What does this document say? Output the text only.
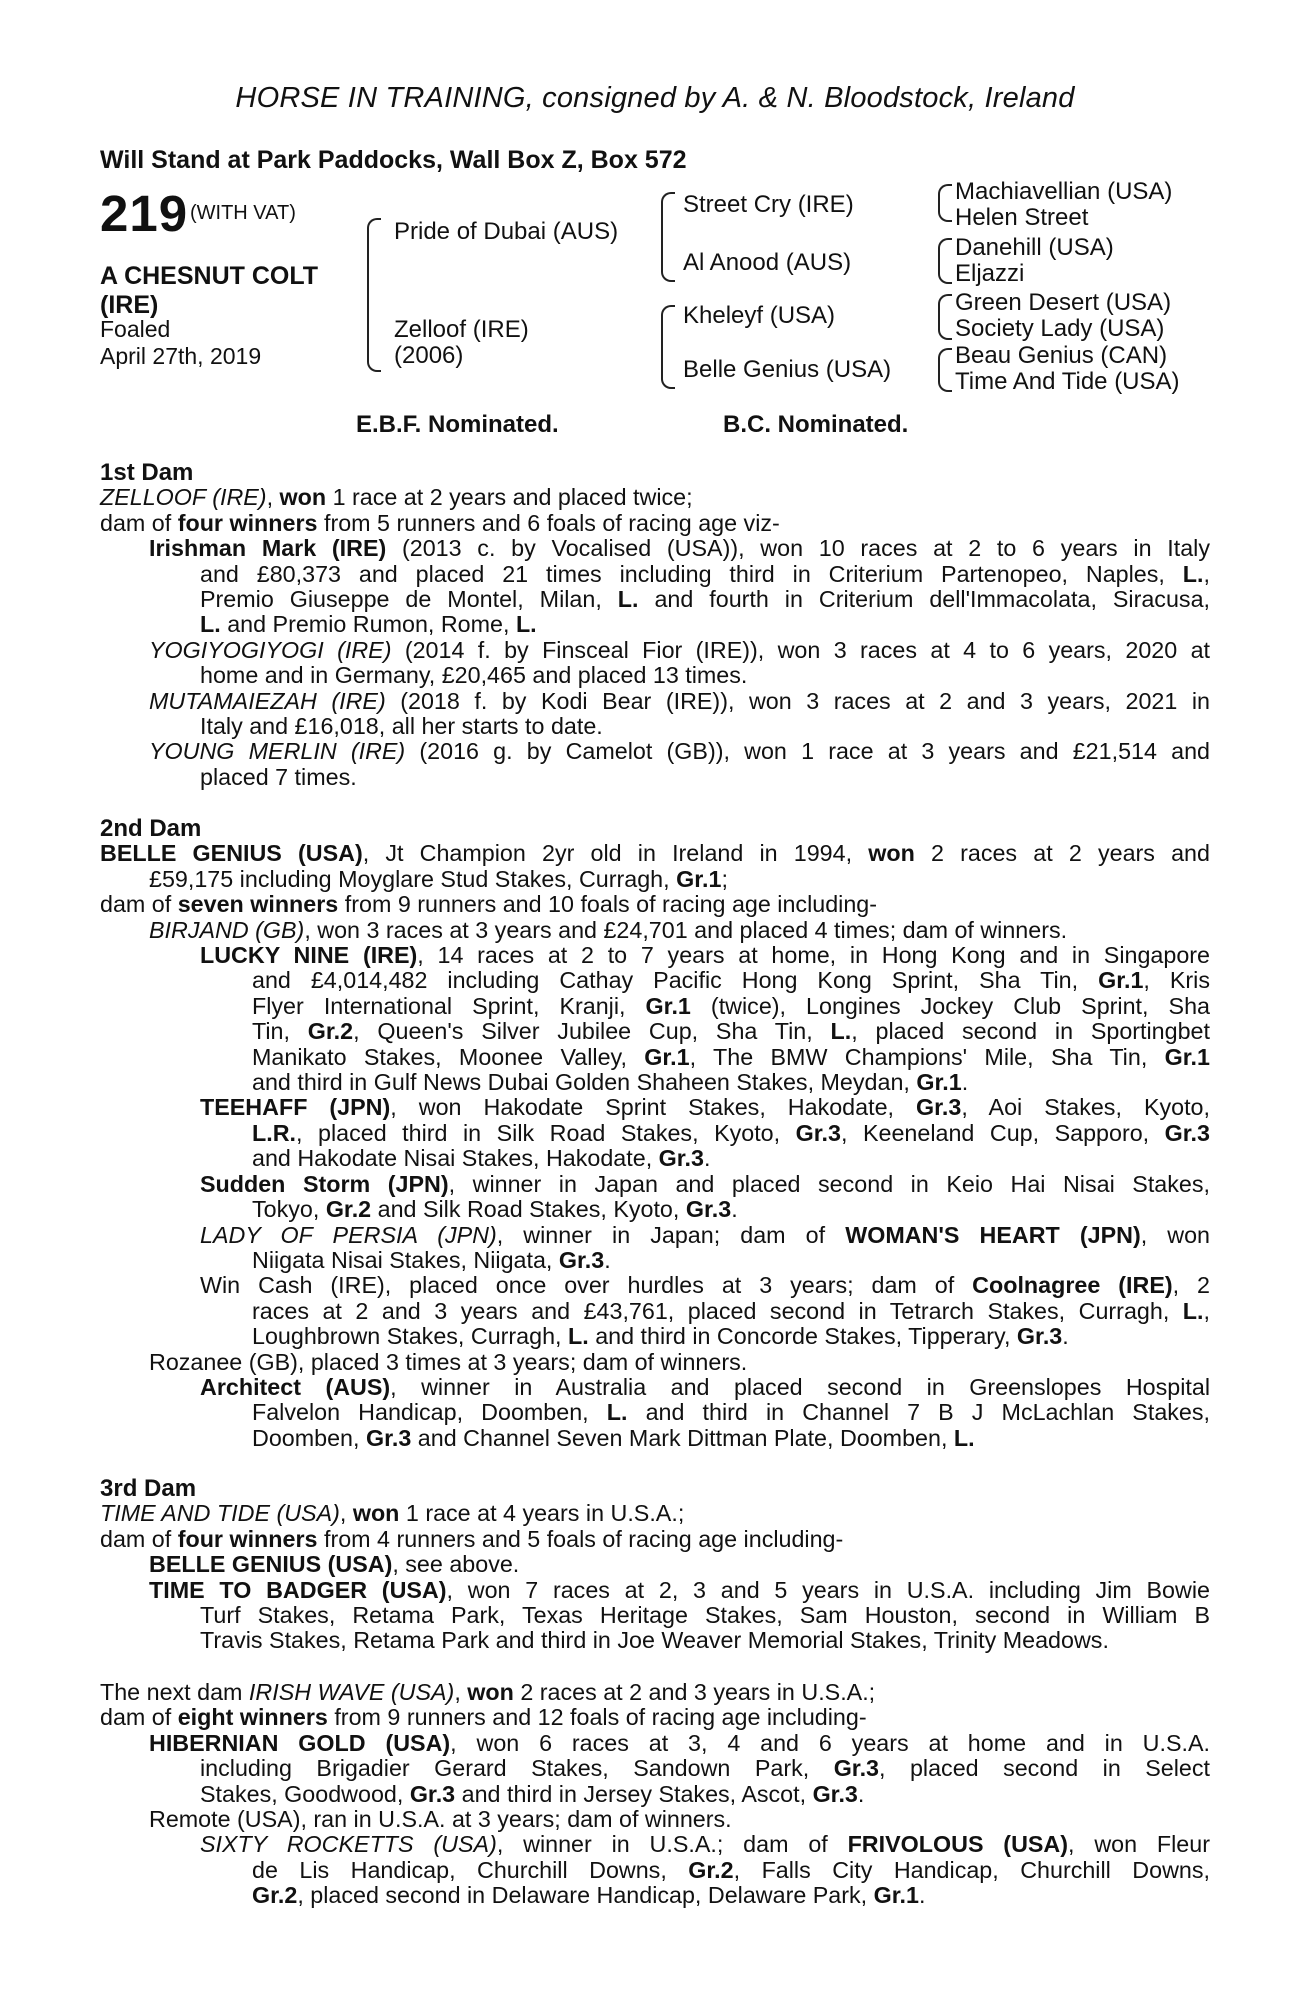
HORSE IN TRAINING, consigned by A. & N. Bloodstock, Ireland
Will Stand at Park Paddocks, Wall Box Z, Box 572
219 (WITH VAT)
A CHESNUT COLT
(IRE)
Foaled
April 27th, 2019
Pride of Dubai (AUS)
Zelloof (IRE)
(2006)
Street Cry (IRE)
Al Anood (AUS)
Kheleyf (USA)
Belle Genius (USA)
Machiavellian (USA)
Helen Street
Danehill (USA)
Eljazzi
Green Desert (USA)
Society Lady (USA)
Beau Genius (CAN)
Time And Tide (USA)
E.B.F. Nominated.	B.C. Nominated.
1st Dam
ZELLOOF (IRE), won 1 race at 2 years and placed twice;
dam of four winners from 5 runners and 6 foals of racing age viz-
Irishman Mark (IRE) (2013 c. by Vocalised (USA)), won 10 races at 2 to 6 years in Italy
and £80,373 and placed 21 times including third in Criterium Partenopeo, Naples, L.,
Premio Giuseppe de Montel, Milan, L. and fourth in Criterium dell'Immacolata, Siracusa,
L. and Premio Rumon, Rome, L.
YOGIYOGIYOGI (IRE) (2014 f. by Finsceal Fior (IRE)), won 3 races at 4 to 6 years, 2020 at
home and in Germany, £20,465 and placed 13 times.
MUTAMAIEZAH (IRE) (2018 f. by Kodi Bear (IRE)), won 3 races at 2 and 3 years, 2021 in
Italy and £16,018, all her starts to date.
YOUNG MERLIN (IRE) (2016 g. by Camelot (GB)), won 1 race at 3 years and £21,514 and
placed 7 times.
2nd Dam
BELLE GENIUS (USA), Jt Champion 2yr old in Ireland in 1994, won 2 races at 2 years and
£59,175 including Moyglare Stud Stakes, Curragh, Gr.1;
dam of seven winners from 9 runners and 10 foals of racing age including-
BIRJAND (GB), won 3 races at 3 years and £24,701 and placed 4 times; dam of winners.
LUCKY NINE (IRE), 14 races at 2 to 7 years at home, in Hong Kong and in Singapore
and £4,014,482 including Cathay Pacific Hong Kong Sprint, Sha Tin, Gr.1, Kris
Flyer International Sprint, Kranji, Gr.1 (twice), Longines Jockey Club Sprint, Sha
Tin, Gr.2, Queen's Silver Jubilee Cup, Sha Tin, L., placed second in Sportingbet
Manikato Stakes, Moonee Valley, Gr.1, The BMW Champions' Mile, Sha Tin, Gr.1
and third in Gulf News Dubai Golden Shaheen Stakes, Meydan, Gr.1.
TEEHAFF (JPN), won Hakodate Sprint Stakes, Hakodate, Gr.3, Aoi Stakes, Kyoto,
L.R., placed third in Silk Road Stakes, Kyoto, Gr.3, Keeneland Cup, Sapporo, Gr.3
and Hakodate Nisai Stakes, Hakodate, Gr.3.
Sudden Storm (JPN), winner in Japan and placed second in Keio Hai Nisai Stakes,
Tokyo, Gr.2 and Silk Road Stakes, Kyoto, Gr.3.
LADY OF PERSIA (JPN), winner in Japan; dam of WOMAN'S HEART (JPN), won
Niigata Nisai Stakes, Niigata, Gr.3.
Win Cash (IRE), placed once over hurdles at 3 years; dam of Coolnagree (IRE), 2
races at 2 and 3 years and £43,761, placed second in Tetrarch Stakes, Curragh, L.,
Loughbrown Stakes, Curragh, L. and third in Concorde Stakes, Tipperary, Gr.3.
Rozanee (GB), placed 3 times at 3 years; dam of winners.
Architect (AUS), winner in Australia and placed second in Greenslopes Hospital
Falvelon Handicap, Doomben, L. and third in Channel 7 B J McLachlan Stakes,
Doomben, Gr.3 and Channel Seven Mark Dittman Plate, Doomben, L.
3rd Dam
TIME AND TIDE (USA), won 1 race at 4 years in U.S.A.;
dam of four winners from 4 runners and 5 foals of racing age including-
BELLE GENIUS (USA), see above.
TIME TO BADGER (USA), won 7 races at 2, 3 and 5 years in U.S.A. including Jim Bowie
Turf Stakes, Retama Park, Texas Heritage Stakes, Sam Houston, second in William B
Travis Stakes, Retama Park and third in Joe Weaver Memorial Stakes, Trinity Meadows.
The next dam IRISH WAVE (USA), won 2 races at 2 and 3 years in U.S.A.;
dam of eight winners from 9 runners and 12 foals of racing age including-
HIBERNIAN GOLD (USA), won 6 races at 3, 4 and 6 years at home and in U.S.A.
including Brigadier Gerard Stakes, Sandown Park, Gr.3, placed second in Select
Stakes, Goodwood, Gr.3 and third in Jersey Stakes, Ascot, Gr.3.
Remote (USA), ran in U.S.A. at 3 years; dam of winners.
SIXTY ROCKETTS (USA), winner in U.S.A.; dam of FRIVOLOUS (USA), won Fleur
de Lis Handicap, Churchill Downs, Gr.2, Falls City Handicap, Churchill Downs,
Gr.2, placed second in Delaware Handicap, Delaware Park, Gr.1.
